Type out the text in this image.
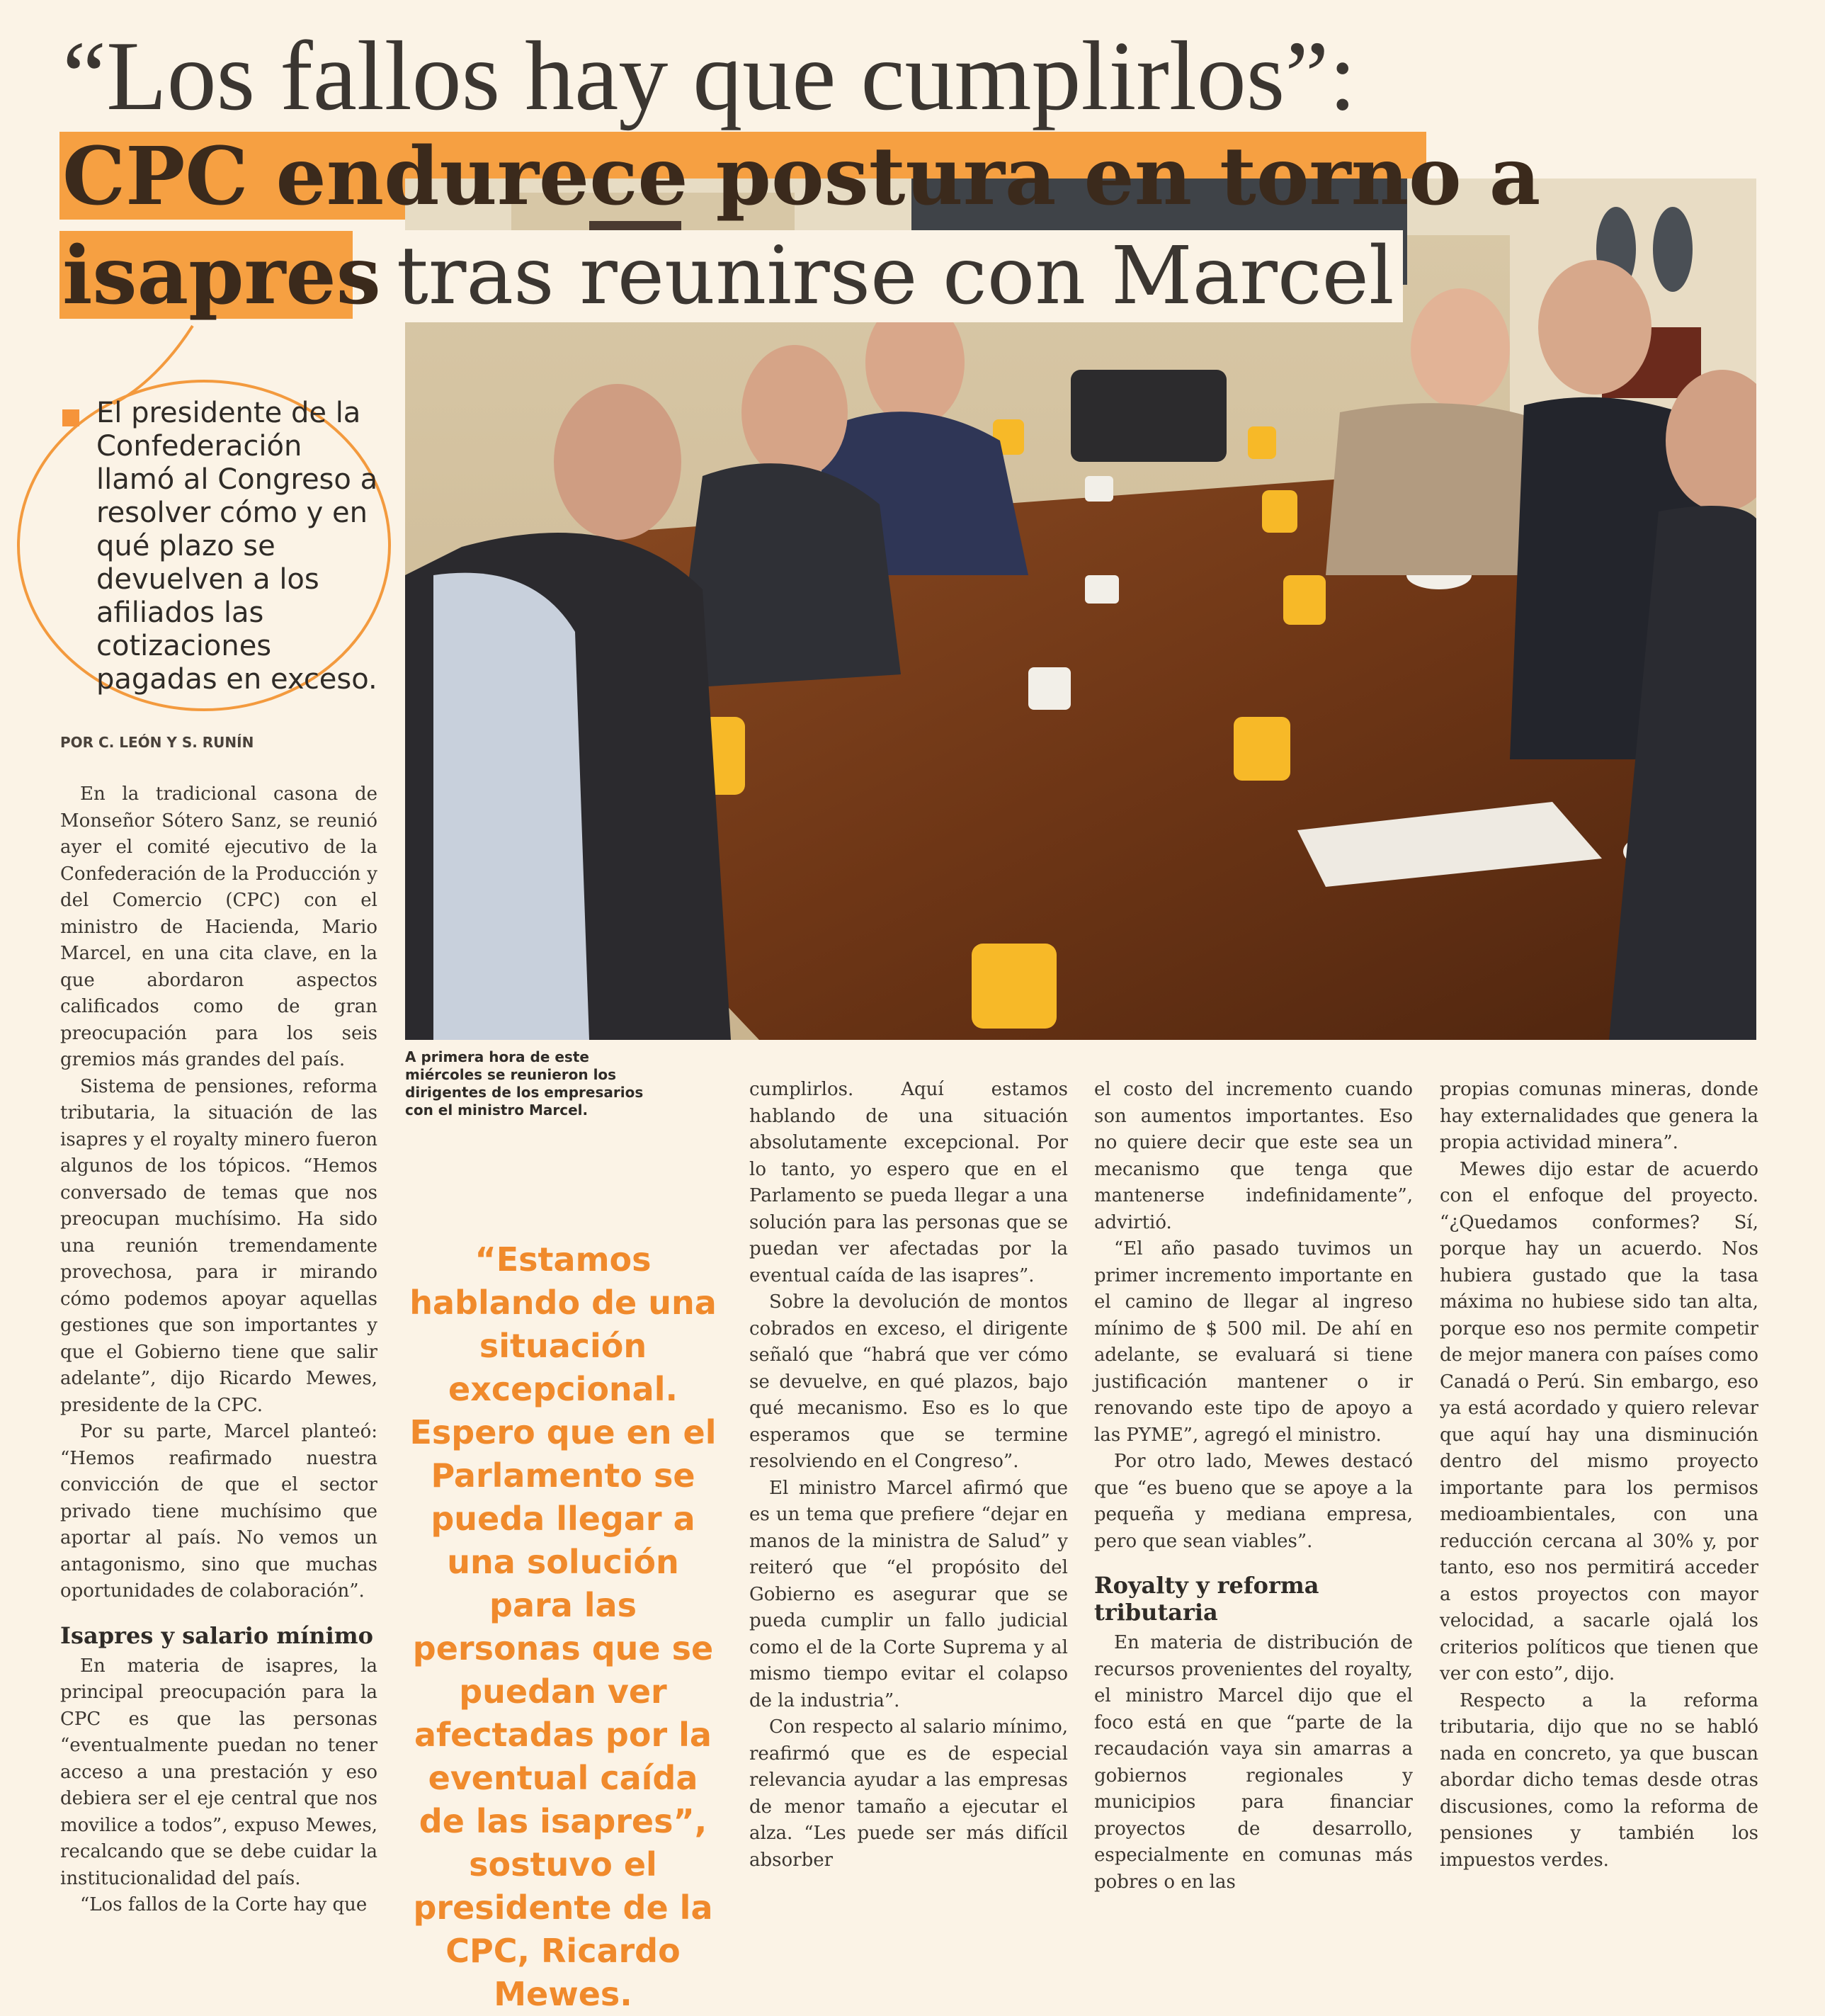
“Los fallos hay que cumplirlos”:
CPC endurece postura en torno a
isapres tras reunirse con Marcel
El presidente de la Confederación llamó al Congreso a resolver cómo y en qué plazo se devuelven a los afiliados las cotizaciones pagadas en exceso.
POR C. LEÓN Y S. RUNÍN
A primera hora de este miércoles se reunieron los dirigentes de los empresarios con el ministro Marcel.

En la tradicional casona de Monseñor Sótero Sanz, se reunió ayer el comité ejecutivo de la Confederación de la Producción y del Comercio (CPC) con el ministro de Hacienda, Mario Marcel, en una cita clave, en la que abordaron aspectos calificados como de gran preocupación para los seis gremios más grandes del país.

Sistema de pensiones, reforma tributaria, la situación de las isapres y el royalty minero fueron algunos de los tópicos. “Hemos conversado de temas que nos preocupan muchísimo. Ha sido una reunión tremendamente provechosa, para ir mirando cómo podemos apoyar aquellas gestiones que son importantes y que el Gobierno tiene que salir adelante”, dijo Ricardo Mewes, presidente de la CPC.

Por su parte, Marcel planteó: “Hemos reafirmado nuestra convicción de que el sector privado tiene muchísimo que aportar al país. No vemos un antagonismo, sino que muchas oportunidades de colaboración”.

Isapres y salario mínimo

En materia de isapres, la principal preocupación para la CPC es que las personas “eventualmente puedan no tener acceso a una prestación y eso debiera ser el eje central que nos movilice a todos”, expuso Mewes, recalcando que se debe cuidar la institucionalidad del país.

“Los fallos de la Corte hay que

“Estamos hablando de una situación excepcional. Espero que en el Parlamento se pueda llegar a una solución para las personas que se puedan ver afectadas por la eventual caída de las isapres”, sostuvo el presidente de la CPC, Ricardo Mewes.

cumplirlos. Aquí estamos hablando de una situación absolutamente excepcional. Por lo tanto, yo espero que en el Parlamento se pueda llegar a una solución para las personas que se puedan ver afectadas por la eventual caída de las isapres”.

Sobre la devolución de montos cobrados en exceso, el dirigente señaló que “habrá que ver cómo se devuelve, en qué plazos, bajo qué mecanismo. Eso es lo que esperamos que se termine resolviendo en el Congreso”.

El ministro Marcel afirmó que es un tema que prefiere “dejar en manos de la ministra de Salud” y reiteró que “el propósito del Gobierno es asegurar que se pueda cumplir un fallo judicial como el de la Corte Suprema y al mismo tiempo evitar el colapso de la industria”.

Con respecto al salario mínimo, reafirmó que es de especial relevancia ayudar a las empresas de menor tamaño a ejecutar el alza. “Les puede ser más difícil absorber

el costo del incremento cuando son aumentos importantes. Eso no quiere decir que este sea un mecanismo que tenga que mantenerse indefinidamente”, advirtió.

“El año pasado tuvimos un primer incremento importante en el camino de llegar al ingreso mínimo de $ 500 mil. De ahí en adelante, se evaluará si tiene justificación mantener o ir renovando este tipo de apoyo a las PYME”, agregó el ministro.

Por otro lado, Mewes destacó que “es bueno que se apoye a la pequeña y mediana empresa, pero que sean viables”.

Royalty y reforma tributaria

En materia de distribución de recursos provenientes del royalty, el ministro Marcel dijo que el foco está en que “parte de la recaudación vaya sin amarras a gobiernos regionales y municipios para financiar proyectos de desarrollo, especialmente en comunas más pobres o en las

propias comunas mineras, donde hay externalidades que genera la propia actividad minera”.

Mewes dijo estar de acuerdo con el enfoque del proyecto. “¿Quedamos conformes? Sí, porque hay un acuerdo. Nos hubiera gustado que la tasa máxima no hubiese sido tan alta, porque eso nos permite competir de mejor manera con países como Canadá o Perú. Sin embargo, eso ya está acordado y quiero relevar que aquí hay una disminución dentro del mismo proyecto importante para los permisos medioambientales, con una reducción cercana al 30% y, por tanto, eso nos permitirá acceder a estos proyectos con mayor velocidad, a sacarle ojalá los criterios políticos que tienen que ver con esto”, dijo.

Respecto a la reforma tributaria, dijo que no se habló nada en concreto, ya que buscan abordar dicho temas desde otras discusiones, como la reforma de pensiones y también los impuestos verdes.
